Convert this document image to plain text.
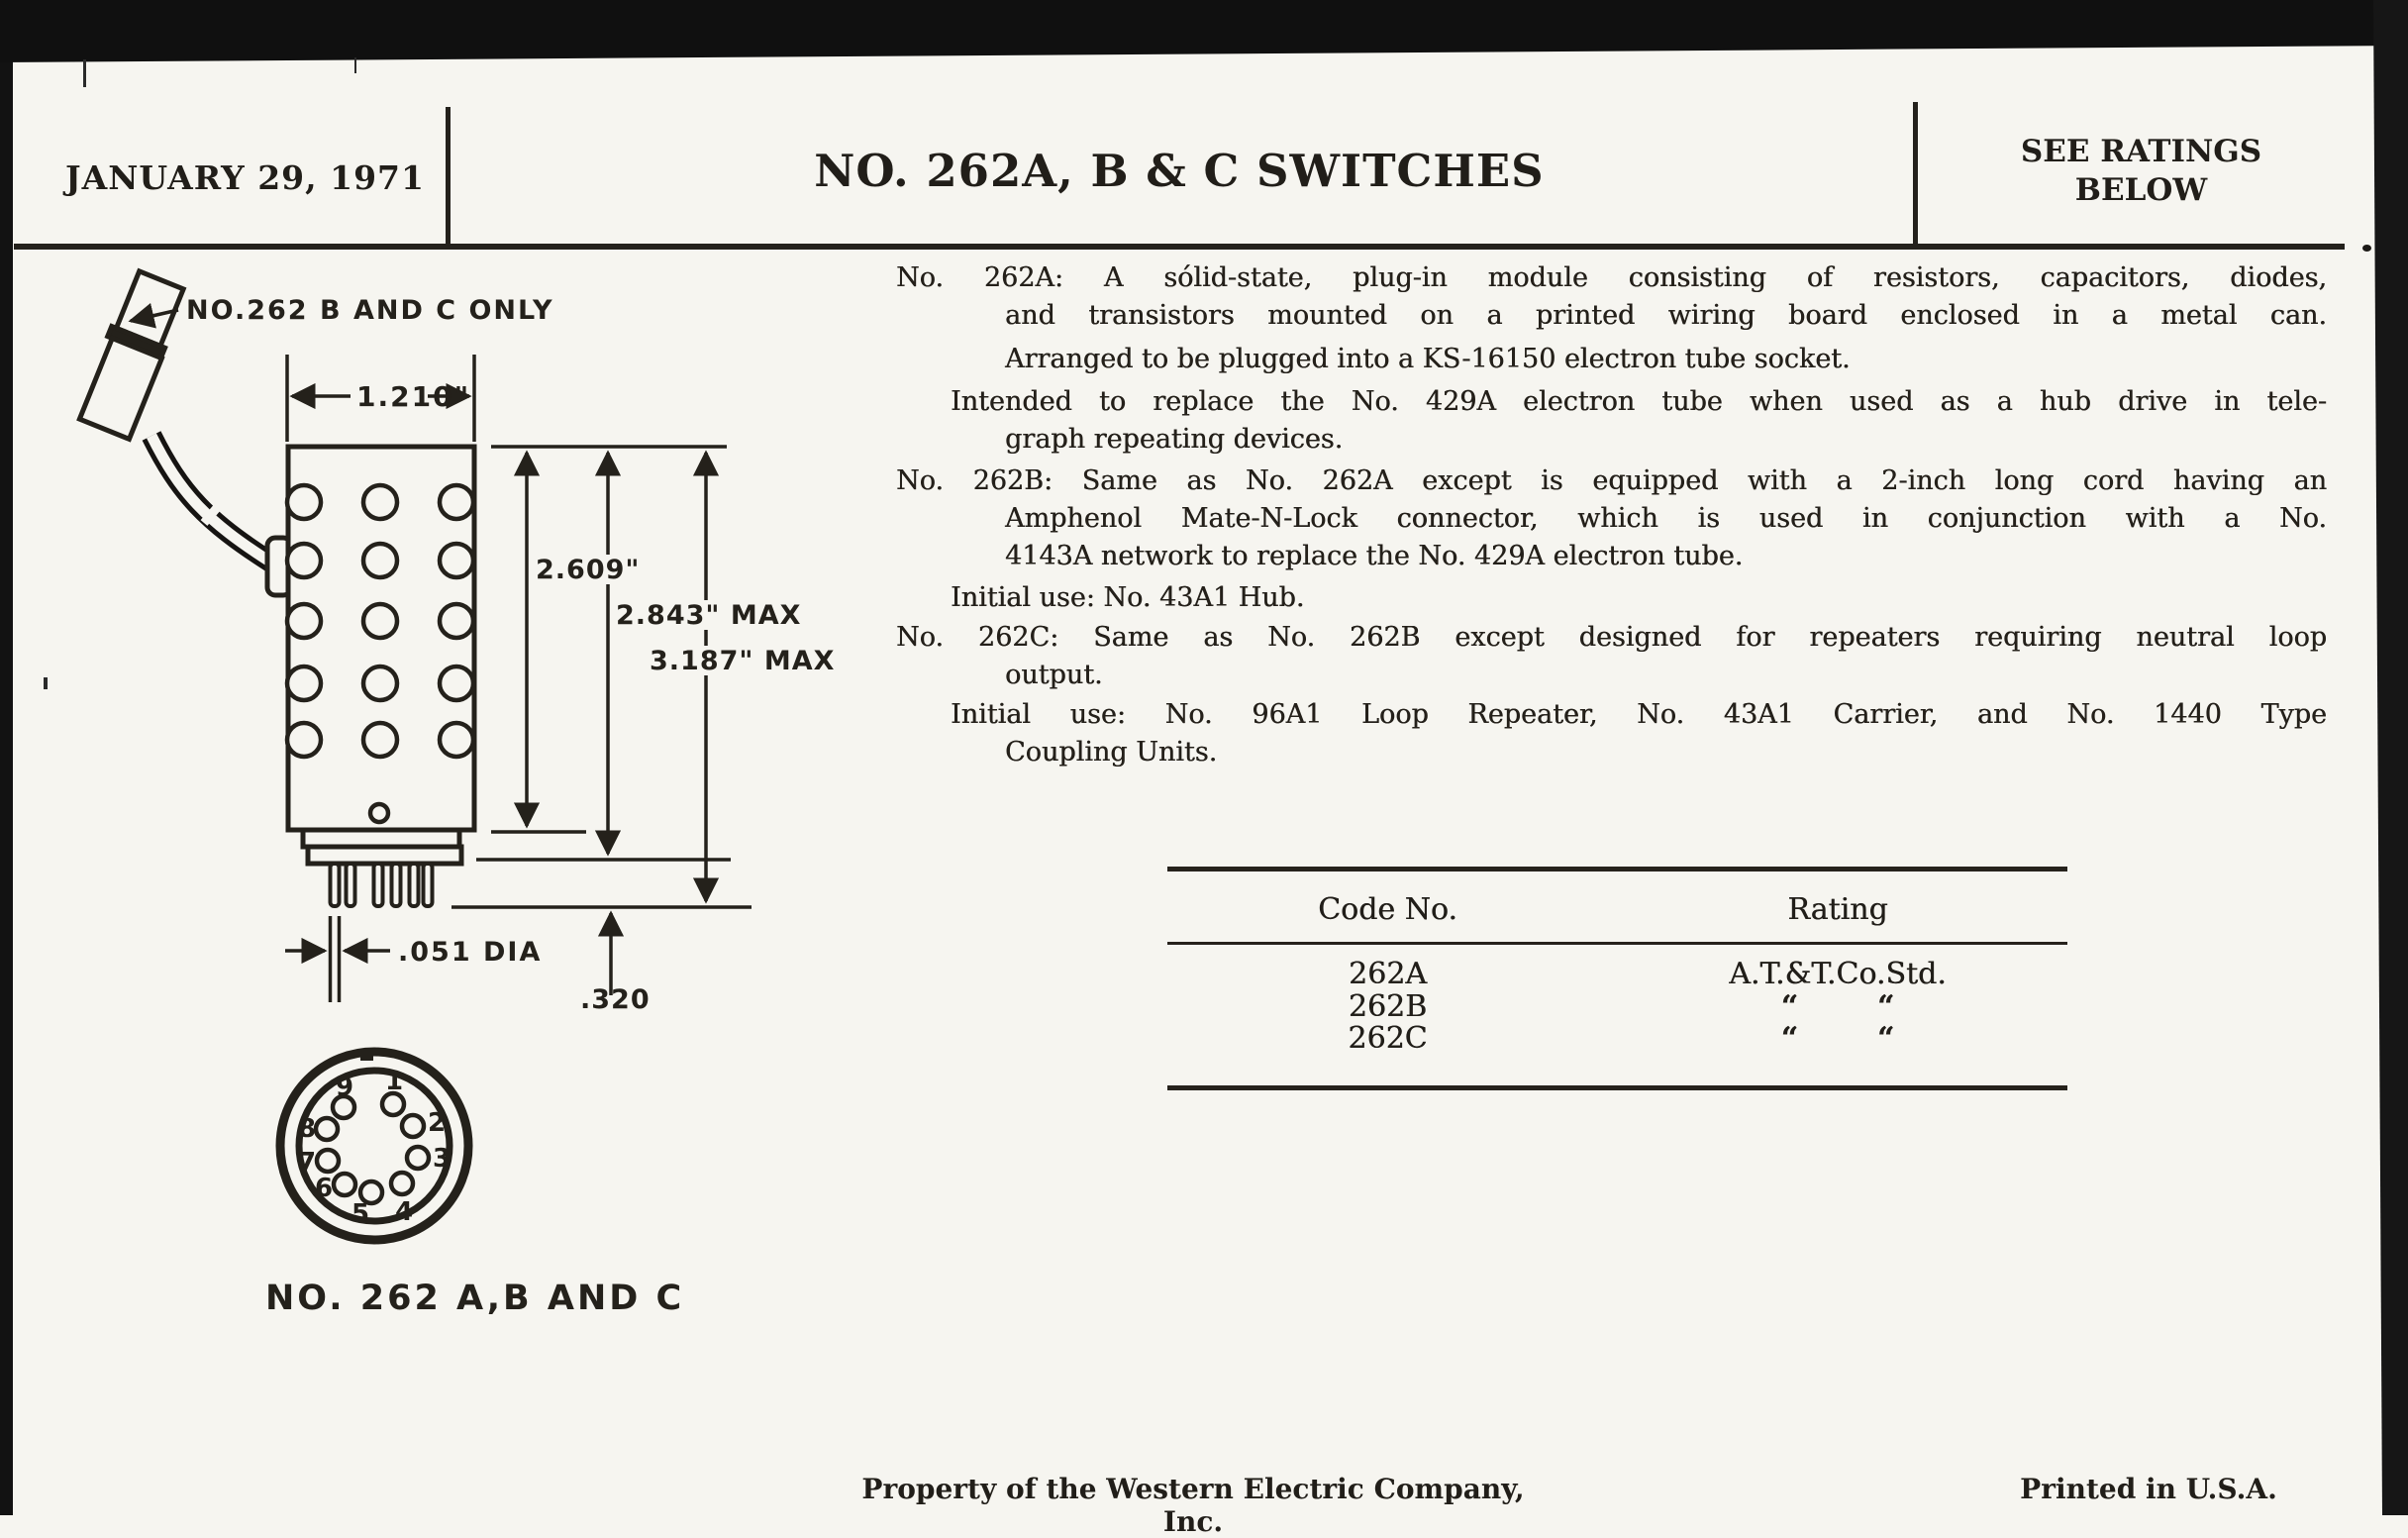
JANUARY 29, 1971	NO. 262A, B & C SWITCHES	SEE RATINGS
BELOW
No. 262A: A sólid-state, plug-in module consisting of resistors, capacitors, diodes,
and transistors mounted on a printed wiring board enclosed in a metal can.
Arranged to be plugged into a KS-16150 electron tube socket.
Intended to replace the No. 429A electron tube when used as a hub drive in tele-
graph repeating devices.
No. 262B: Same as No. 262A except is equipped with a 2-inch long cord having an
Amphenol Mate-N-Lock connector, which is used in conjunction with a No.
4143A network to replace the No. 429A electron tube.
Initial use: No. 43A1 Hub.
No. 262C: Same as No. 262B except designed for repeaters requiring neutral loop
output.
Initial use: No. 96A1 Loop Repeater, No. 43A1 Carrier, and No. 1440 Type
Coupling Units.
Code No.	Rating
262A	A.T.&T.Co.Std.
262B	“	“
262C	“	“
NO.262 B AND C ONLY
1.210"
.051 DIA
2.609"
2.843" MAX
3.187" MAX
.320
1
2
3
4
5
6
7
8
9
NO. 262 A,B AND C
Property of the Western Electric Company, Inc.
Printed in U.S.A.
